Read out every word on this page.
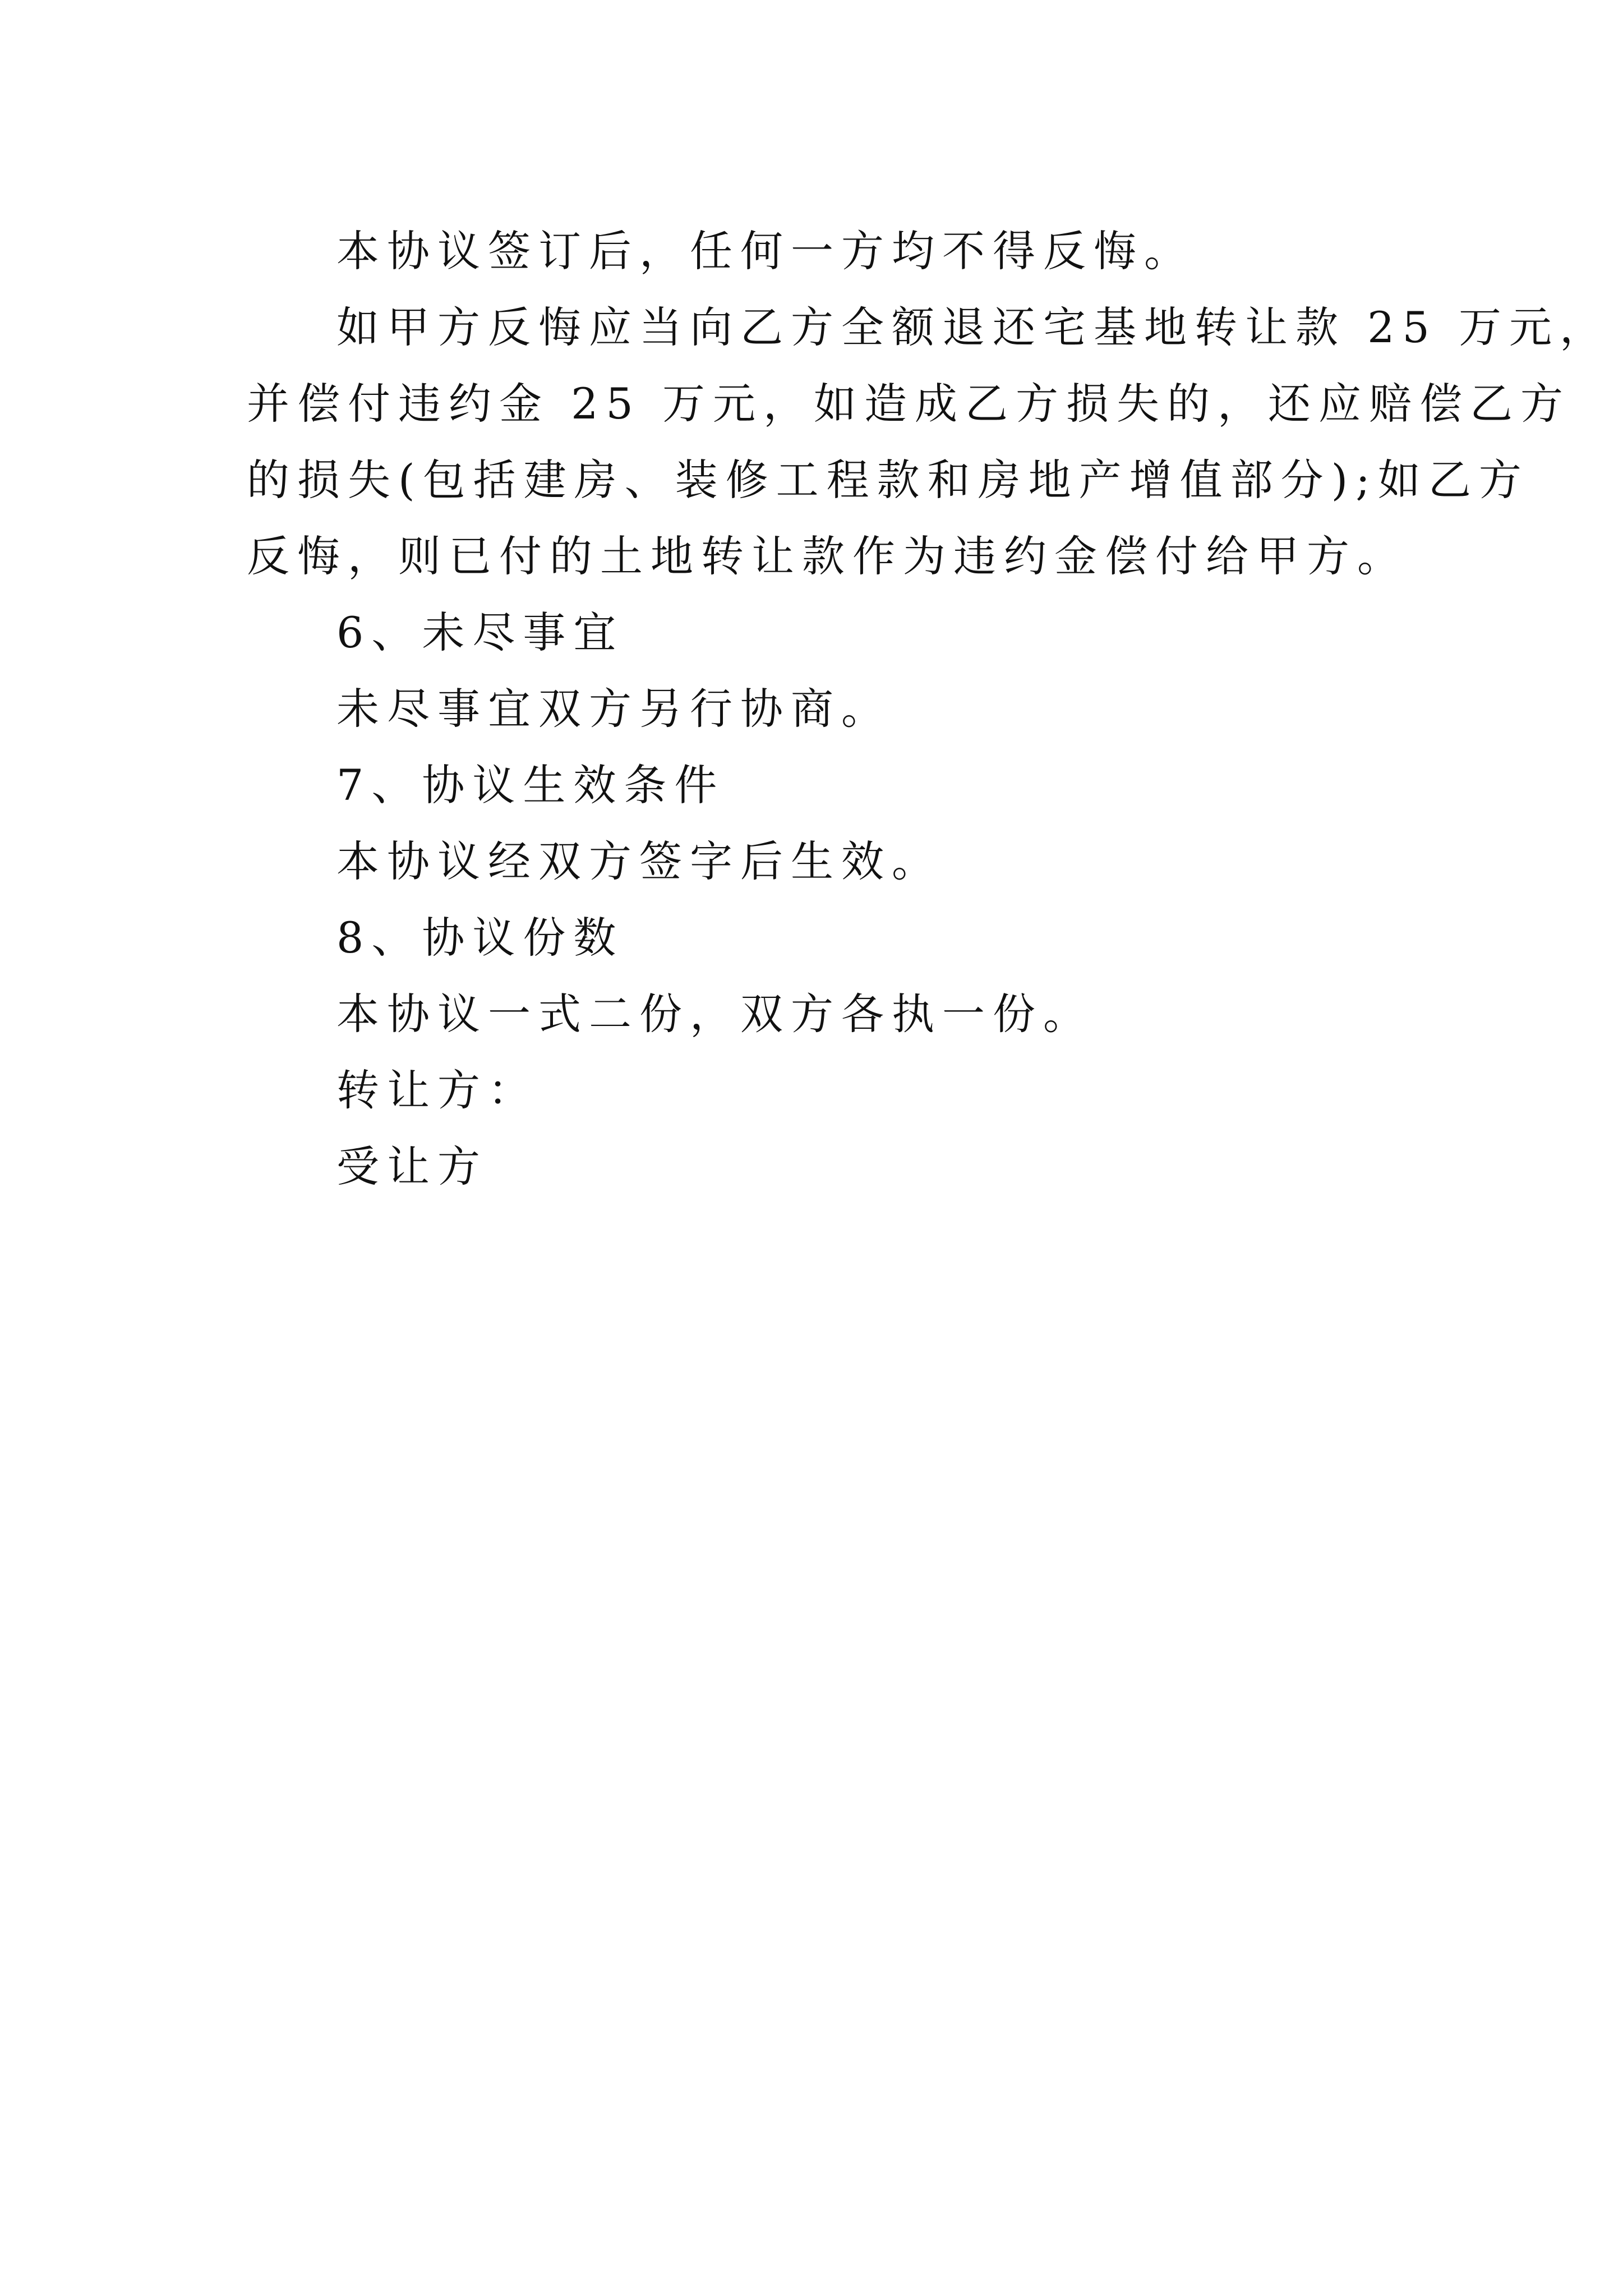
本协议签订后，任何一方均不得反悔。
如甲方反悔应当向乙方全额退还宅基地转让款 25 万元，
并偿付违约金 25 万元，如造成乙方损失的，还应赔偿乙方
的损失(包括建房、装修工程款和房地产增值部分);如乙方
反悔，则已付的土地转让款作为违约金偿付给甲方。
6、未尽事宜
未尽事宜双方另行协商。
7、协议生效条件
本协议经双方签字后生效。
8、协议份数
本协议一式二份，双方各执一份。
转让方：
受让方
